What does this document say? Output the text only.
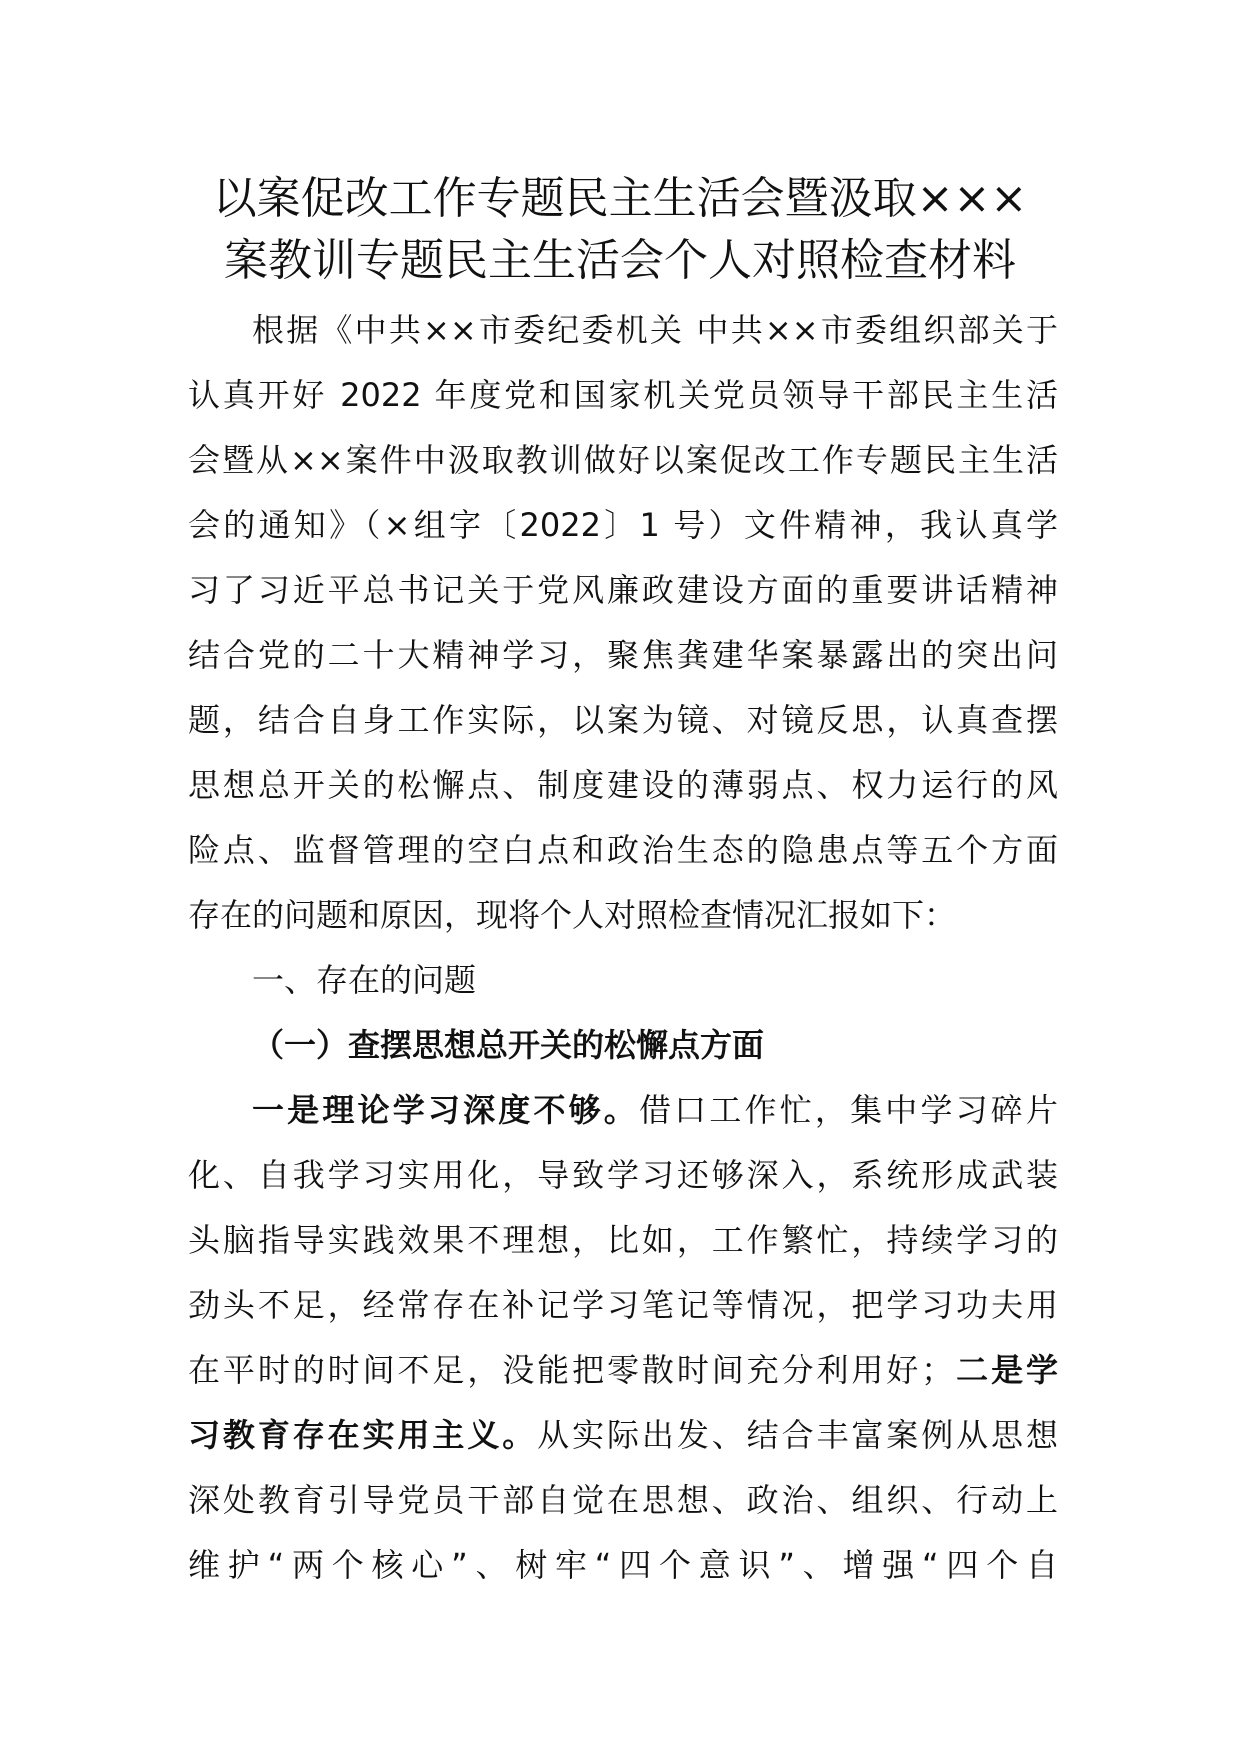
以案促改工作专题民主生活会暨汲取×××
案教训专题民主生活会个人对照检查材料
根据《中共××市委纪委机关 中共××市委组织部关于
认真开好 2022 年度党和国家机关党员领导干部民主生活
会暨从××案件中汲取教训做好以案促改工作专题民主生活
会的通知》（×组字〔2022〕1 号）文件精神，我认真学
习了习近平总书记关于党风廉政建设方面的重要讲话精神
结合党的二十大精神学习，聚焦龚建华案暴露出的突出问
题，结合自身工作实际，以案为镜、对镜反思，认真查摆
思想总开关的松懈点、制度建设的薄弱点、权力运行的风
险点、监督管理的空白点和政治生态的隐患点等五个方面
存在的问题和原因，现将个人对照检查情况汇报如下：
一、存在的问题
（一）查摆思想总开关的松懈点方面
一是理论学习深度不够。借口工作忙，集中学习碎片
化、自我学习实用化，导致学习还够深入，系统形成武装
头脑指导实践效果不理想，比如，工作繁忙，持续学习的
劲头不足，经常存在补记学习笔记等情况，把学习功夫用
在平时的时间不足，没能把零散时间充分利用好；二是学
习教育存在实用主义。从实际出发、结合丰富案例从思想
深处教育引导党员干部自觉在思想、政治、组织、行动上
维护“两个核心”、树牢“四个意识”、增强“四个自
